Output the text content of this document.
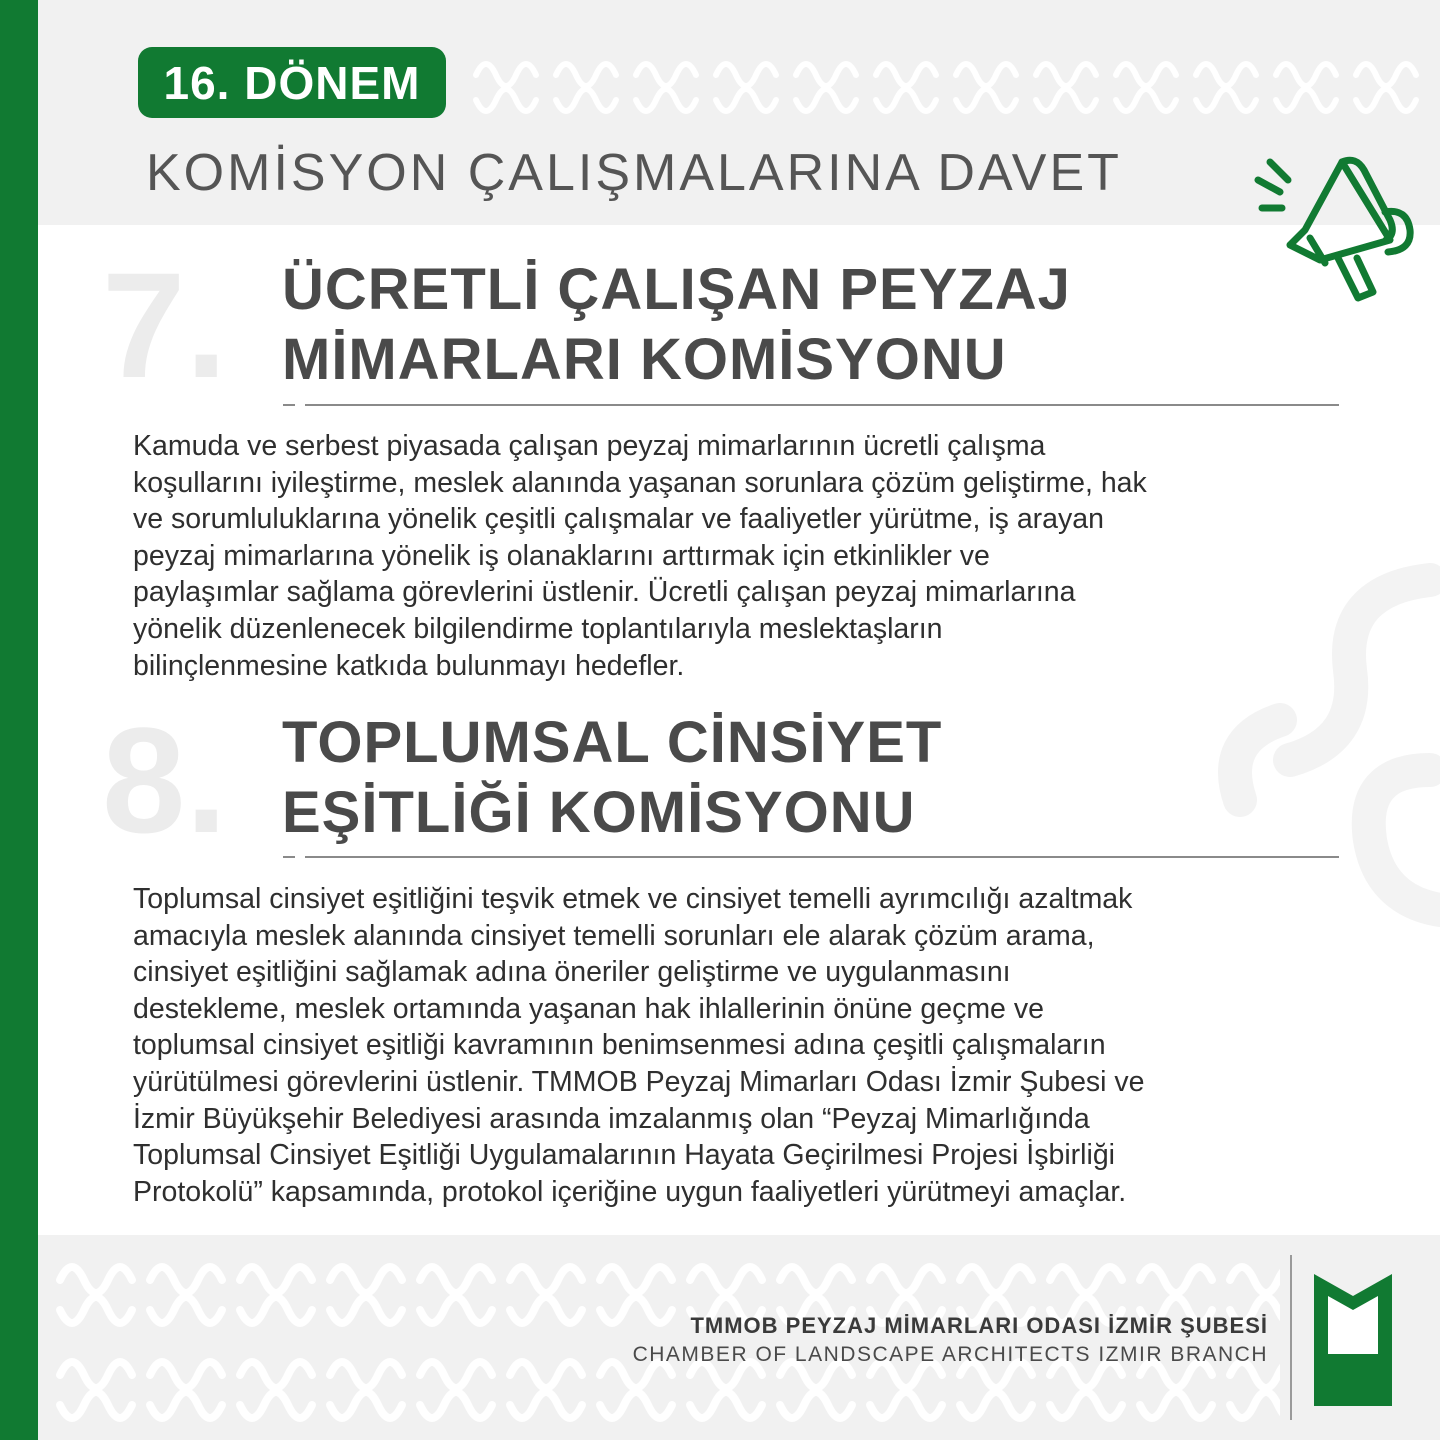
16. DÖNEM
KOMİSYON ÇALIŞMALARINA DAVET
7. ÜCRETLİ ÇALIŞAN PEYZAJ
MİMARLARI KOMİSYONU
Kamuda ve serbest piyasada çalışan peyzaj mimarlarının ücretli çalışma
koşullarını iyileştirme, meslek alanında yaşanan sorunlara çözüm geliştirme, hak
ve sorumluluklarına yönelik çeşitli çalışmalar ve faaliyetler yürütme, iş arayan
peyzaj mimarlarına yönelik iş olanaklarını arttırmak için etkinlikler ve
paylaşımlar sağlama görevlerini üstlenir. Ücretli çalışan peyzaj mimarlarına
yönelik düzenlenecek bilgilendirme toplantılarıyla meslektaşların
bilinçlenmesine katkıda bulunmayı hedefler.
8. TOPLUMSAL CİNSİYET
EŞİTLİĞİ KOMİSYONU
Toplumsal cinsiyet eşitliğini teşvik etmek ve cinsiyet temelli ayrımcılığı azaltmak
amacıyla meslek alanında cinsiyet temelli sorunları ele alarak çözüm arama,
cinsiyet eşitliğini sağlamak adına öneriler geliştirme ve uygulanmasını
destekleme, meslek ortamında yaşanan hak ihlallerinin önüne geçme ve
toplumsal cinsiyet eşitliği kavramının benimsenmesi adına çeşitli çalışmaların
yürütülmesi görevlerini üstlenir. TMMOB Peyzaj Mimarları Odası İzmir Şubesi ve
İzmir Büyükşehir Belediyesi arasında imzalanmış olan “Peyzaj Mimarlığında
Toplumsal Cinsiyet Eşitliği Uygulamalarının Hayata Geçirilmesi Projesi İşbirliği
Protokolü” kapsamında, protokol içeriğine uygun faaliyetleri yürütmeyi amaçlar.
TMMOB PEYZAJ MİMARLARI ODASI İZMİR ŞUBESİ
CHAMBER OF LANDSCAPE ARCHITECTS IZMIR BRANCH
